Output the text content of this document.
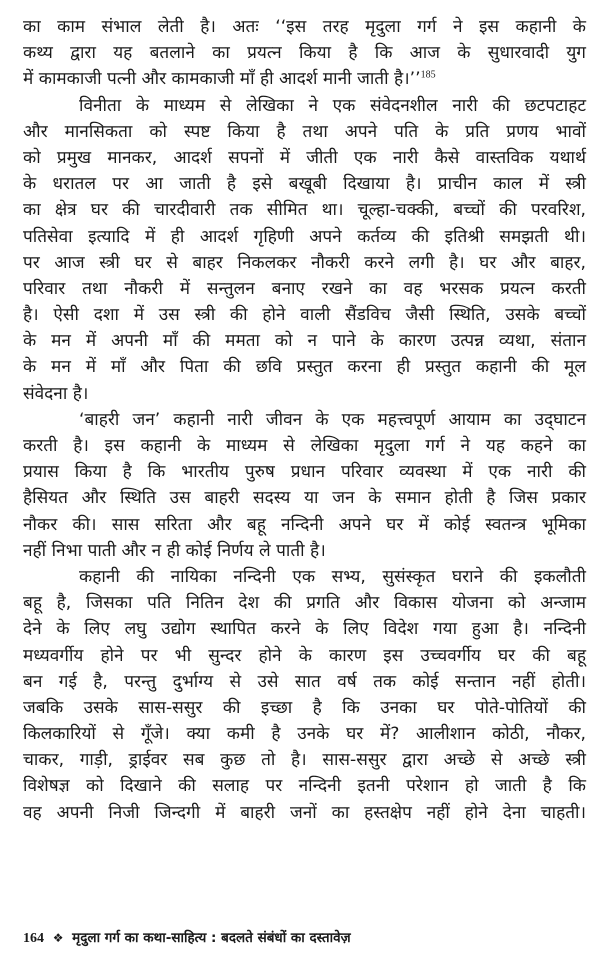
का काम संभाल लेती है। अतः ‘‘इस तरह मृदुला गर्ग ने इस कहानी के
कथ्य द्वारा यह बतलाने का प्रयत्न किया है कि आज के सुधारवादी युग
में कामकाजी पत्नी और कामकाजी माँ ही आदर्श मानी जाती है।’’$^{185}$
विनीता के माध्यम से लेखिका ने एक संवेदनशील नारी की छटपटाहट
और मानसिकता को स्पष्ट किया है तथा अपने पति के प्रति प्रणय भावों
को प्रमुख मानकर, आदर्श सपनों में जीती एक नारी कैसे वास्तविक यथार्थ
के धरातल पर आ जाती है इसे बखूबी दिखाया है। प्राचीन काल में स्त्री
का क्षेत्र घर की चारदीवारी तक सीमित था। चूल्हा-चक्की, बच्चों की परवरिश,
पतिसेवा इत्यादि में ही आदर्श गृहिणी अपने कर्तव्य की इतिश्री समझती थी।
पर आज स्त्री घर से बाहर निकलकर नौकरी करने लगी है। घर और बाहर,
परिवार तथा नौकरी में सन्तुलन बनाए रखने का वह भरसक प्रयत्न करती
है। ऐसी दशा में उस स्त्री की होने वाली सैंडविच जैसी स्थिति, उसके बच्चों
के मन में अपनी माँ की ममता को न पाने के कारण उत्पन्न व्यथा, संतान
के मन में माँ और पिता की छवि प्रस्तुत करना ही प्रस्तुत कहानी की मूल
संवेदना है।
‘बाहरी जन’ कहानी नारी जीवन के एक महत्त्वपूर्ण आयाम का उद्‌घाटन
करती है। इस कहानी के माध्यम से लेखिका मृदुला गर्ग ने यह कहने का
प्रयास किया है कि भारतीय पुरुष प्रधान परिवार व्यवस्था में एक नारी की
हैसियत और स्थिति उस बाहरी सदस्य या जन के समान होती है जिस प्रकार
नौकर की। सास सरिता और बहू नन्दिनी अपने घर में कोई स्वतन्त्र भूमिका
नहीं निभा पाती और न ही कोई निर्णय ले पाती है।
कहानी की नायिका नन्दिनी एक सभ्य, सुसंस्कृत घराने की इकलौती
बहू है, जिसका पति नितिन देश की प्रगति और विकास योजना को अन्जाम
देने के लिए लघु उद्योग स्थापित करने के लिए विदेश गया हुआ है। नन्दिनी
मध्यवर्गीय होने पर भी सुन्दर होने के कारण इस उच्चवर्गीय घर की बहू
बन गई है, परन्तु दुर्भाग्य से उसे सात वर्ष तक कोई सन्तान नहीं होती।
जबकि उसके सास-ससुर की इच्छा है कि उनका घर पोते-पोतियों की
किलकारियों से गूँजे। क्या कमी है उनके घर में? आलीशान कोठी, नौकर,
चाकर, गाड़ी, ड्राईवर सब कुछ तो है। सास-ससुर द्वारा अच्छे से अच्छे स्त्री
विशेषज्ञ को दिखाने की सलाह पर नन्दिनी इतनी परेशान हो जाती है कि
वह अपनी निजी जिन्दगी में बाहरी जनों का हस्तक्षेप नहीं होने देना चाहती।
164 ❖ मृदुला गर्ग का कथा-साहित्य : बदलते संबंधों का दस्तावेज़
